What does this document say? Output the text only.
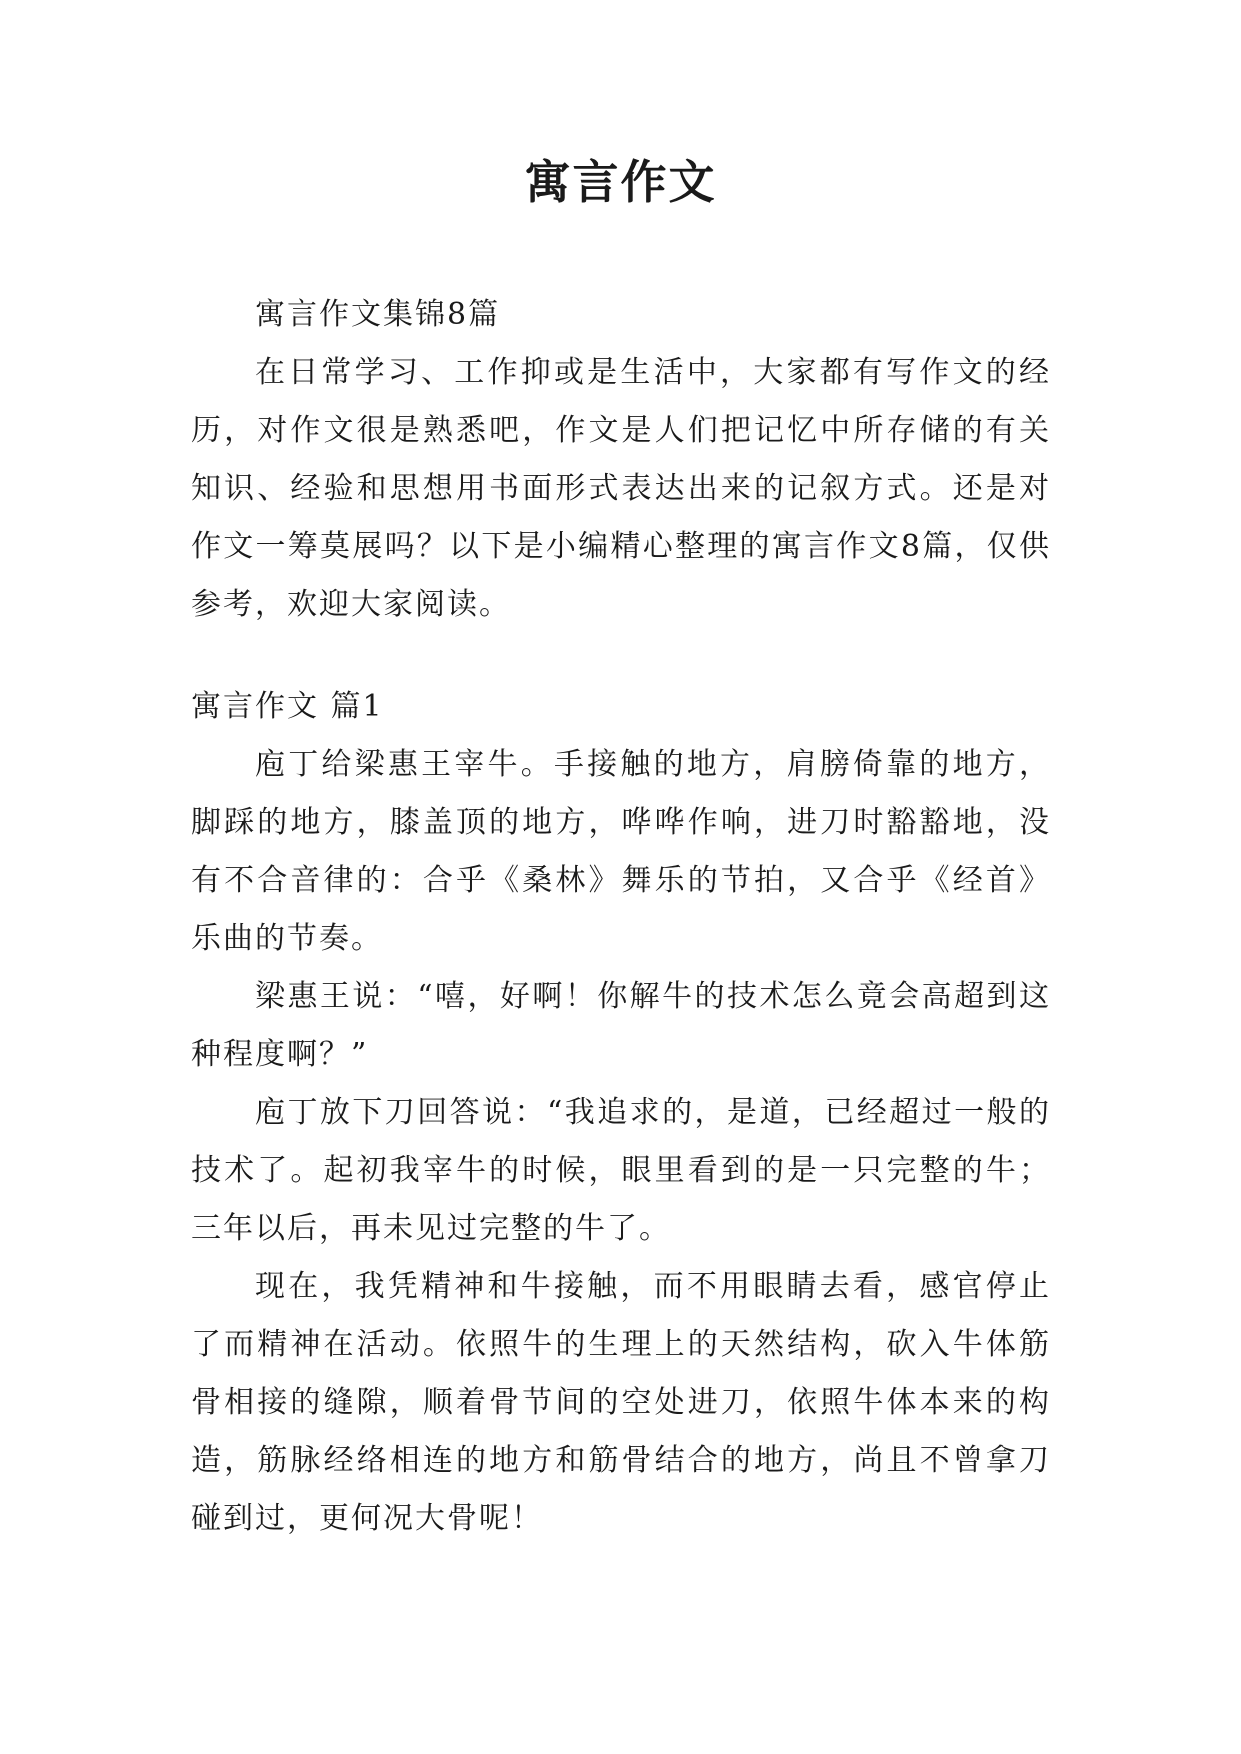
寓言作文

寓言作文集锦8篇

在日常学习、工作抑或是生活中，大家都有写作文的经历，对作文很是熟悉吧，作文是人们把记忆中所存储的有关知识、经验和思想用书面形式表达出来的记叙方式。还是对作文一筹莫展吗？以下是小编精心整理的寓言作文8篇，仅供参考，欢迎大家阅读。

寓言作文 篇1

庖丁给梁惠王宰牛。手接触的地方，肩膀倚靠的地方，脚踩的地方，膝盖顶的地方，哗哗作响，进刀时豁豁地，没有不合音律的：合乎《桑林》舞乐的节拍，又合乎《经首》乐曲的节奏。

梁惠王说：“嘻，好啊！你解牛的技术怎么竟会高超到这种程度啊？”

庖丁放下刀回答说：“我追求的，是道，已经超过一般的技术了。起初我宰牛的时候，眼里看到的是一只完整的牛；三年以后，再未见过完整的牛了。

现在，我凭精神和牛接触，而不用眼睛去看，感官停止了而精神在活动。依照牛的生理上的天然结构，砍入牛体筋骨相接的缝隙，顺着骨节间的空处进刀，依照牛体本来的构造，筋脉经络相连的地方和筋骨结合的地方，尚且不曾拿刀碰到过，更何况大骨呢！
